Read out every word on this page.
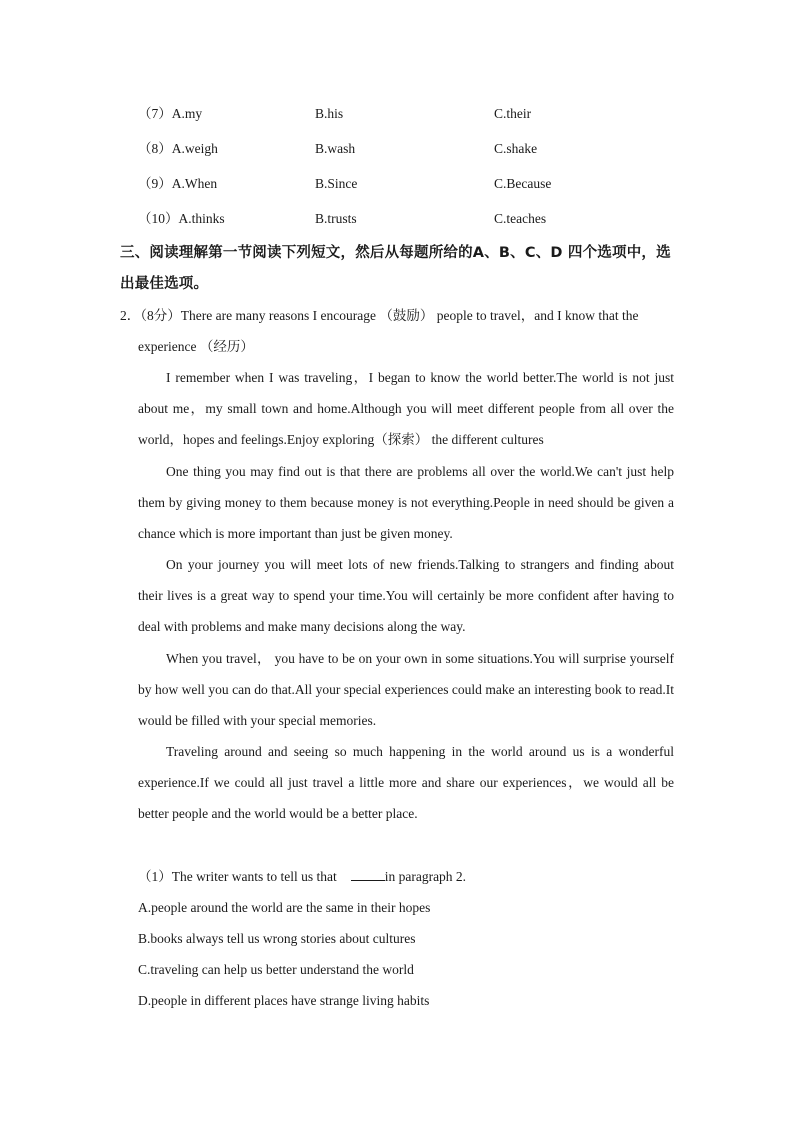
（7）A.my	B.his	C.their
（8）A.weigh	B.wash	C.shake
（9）A.When	B.Since	C.Because
（10）A.thinks	B.trusts	C.teaches
三、阅读理解第一节阅读下列短文，然后从每题所给的A、B、C、D 四个选项中，选出最佳选项。
2．（8分）There are many reasons I encourage （鼓励） people to travel，and I know that the
experience （经历）

I remember when I was traveling，I began to know the world better.The world is not just about me，my small town and home.Although you will meet different people from all over the world，hopes and feelings.Enjoy exploring（探索） the different cultures

One thing you may find out is that there are problems all over the world.We can't just help them by giving money to them because money is not everything.People in need should be given a chance which is more important than just be given money.

On your journey you will meet lots of new friends.Talking to strangers and finding about their lives is a great way to spend your time.You will certainly be more confident after having to deal with problems and make many decisions along the way.

When you travel， you have to be on your own in some situations.You will surprise yourself by how well you can do that.All your special experiences could make an interesting book to read.It would be filled with your special memories.

Traveling around and seeing so much happening in the world around us is a wonderful experience.If we could all just travel a little more and share our experiences，we would all be better people and the world would be a better place.

（1）The writer wants to tell us that	in paragraph 2.
A.people around the world are the same in their hopes
B.books always tell us wrong stories about cultures
C.traveling can help us better understand the world
D.people in different places have strange living habits
